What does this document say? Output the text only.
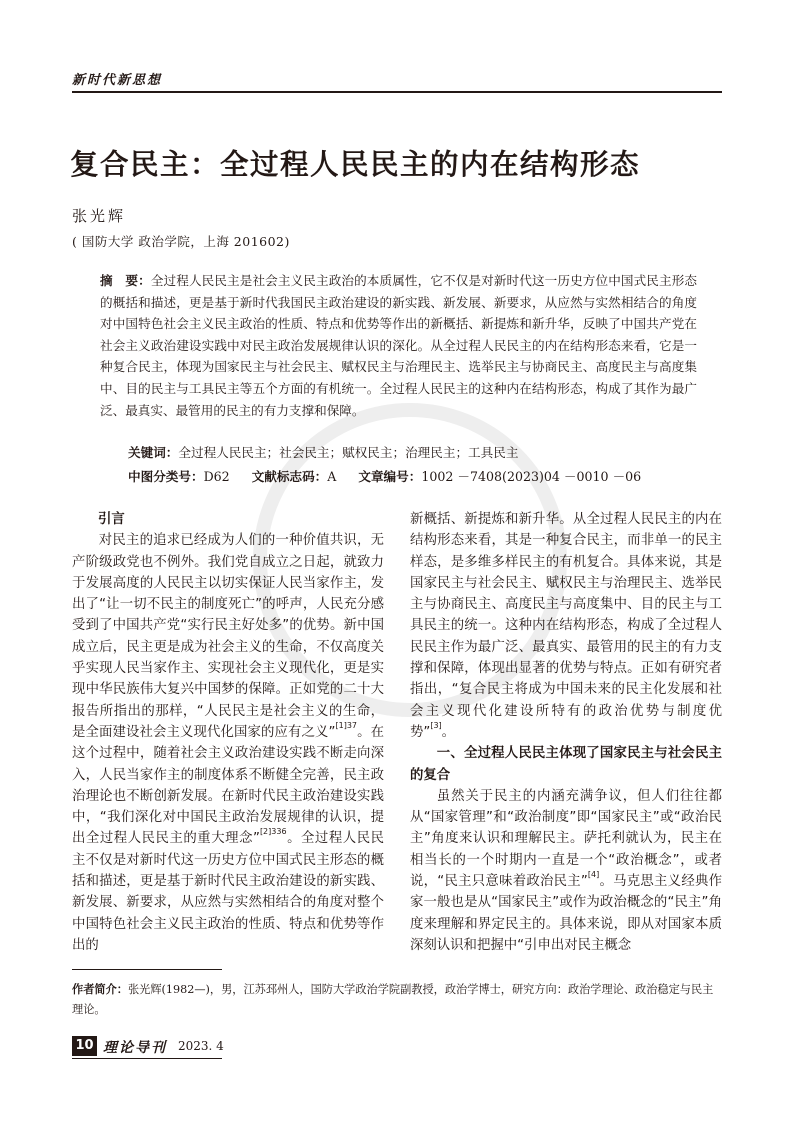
新时代新思想
复合民主：全过程人民民主的内在结构形态
张光辉
( 国防大学 政治学院，上海 201602)
摘　要：全过程人民民主是社会主义民主政治的本质属性，它不仅是对新时代这一历史方位中国式民主形态的概括和描述，更是基于新时代我国民主政治建设的新实践、新发展、新要求，从应然与实然相结合的角度对中国特色社会主义民主政治的性质、特点和优势等作出的新概括、新提炼和新升华，反映了中国共产党在社会主义政治建设实践中对民主政治发展规律认识的深化。从全过程人民民主的内在结构形态来看，它是一种复合民主，体现为国家民主与社会民主、赋权民主与治理民主、选举民主与协商民主、高度民主与高度集中、目的民主与工具民主等五个方面的有机统一。全过程人民民主的这种内在结构形态，构成了其作为最广泛、最真实、最管用的民主的有力支撑和保障。
关键词：全过程人民民主；社会民主；赋权民主；治理民主；工具民主
中图分类号：D62 文献标志码：A 文章编号：1002 －7408(2023)04 －0010 －06
引言

对民主的追求已经成为人们的一种价值共识，无产阶级政党也不例外。我们党自成立之日起，就致力于发展高度的人民民主以切实保证人民当家作主，发出了“让一切不民主的制度死亡”的呼声，人民充分感受到了中国共产党“实行民主好处多”的优势。新中国成立后，民主更是成为社会主义的生命，不仅高度关乎实现人民当家作主、实现社会主义现代化，更是实现中华民族伟大复兴中国梦的保障。正如党的二十大报告所指出的那样，“人民民主是社会主义的生命，是全面建设社会主义现代化国家的应有之义”$^{[1]37}$。在这个过程中，随着社会主义政治建设实践不断走向深入，人民当家作主的制度体系不断健全完善，民主政治理论也不断创新发展。在新时代民主政治建设实践中，“我们深化对中国民主政治发展规律的认识，提出全过程人民民主的重大理念”$^{[2]336}$。全过程人民民主不仅是对新时代这一历史方位中国式民主形态的概括和描述，更是基于新时代民主政治建设的新实践、新发展、新要求，从应然与实然相结合的角度对整个中国特色社会主义民主政治的性质、特点和优势等作出的

新概括、新提炼和新升华。从全过程人民民主的内在结构形态来看，其是一种复合民主，而非单一的民主样态，是多维多样民主的有机复合。具体来说，其是国家民主与社会民主、赋权民主与治理民主、选举民主与协商民主、高度民主与高度集中、目的民主与工具民主的统一。这种内在结构形态，构成了全过程人民民主作为最广泛、最真实、最管用的民主的有力支撑和保障，体现出显著的优势与特点。正如有研究者指出，“复合民主将成为中国未来的民主化发展和社会主义现代化建设所特有的政治优势与制度优势”[3]。

一、全过程人民民主体现了国家民主与社会民主的复合

虽然关于民主的内涵充满争议，但人们往往都从“国家管理”和“政治制度”即“国家民主”或“政治民主”角度来认识和理解民主。萨托利就认为，民主在相当长的一个时期内一直是一个“政治概念”，或者说，“民主只意味着政治民主”[4]。马克思主义经典作家一般也是从“国家民主”或作为政治概念的“民主”角度来理解和界定民主的。具体来说，即从对国家本质深刻认识和把握中“引申出对民主概念

作者简介：张光辉(1982—)，男，江苏邳州人，国防大学政治学院副教授，政治学博士，研究方向：政治学理论、政治稳定与民主理论。
10 理论导刊 2023. 4
